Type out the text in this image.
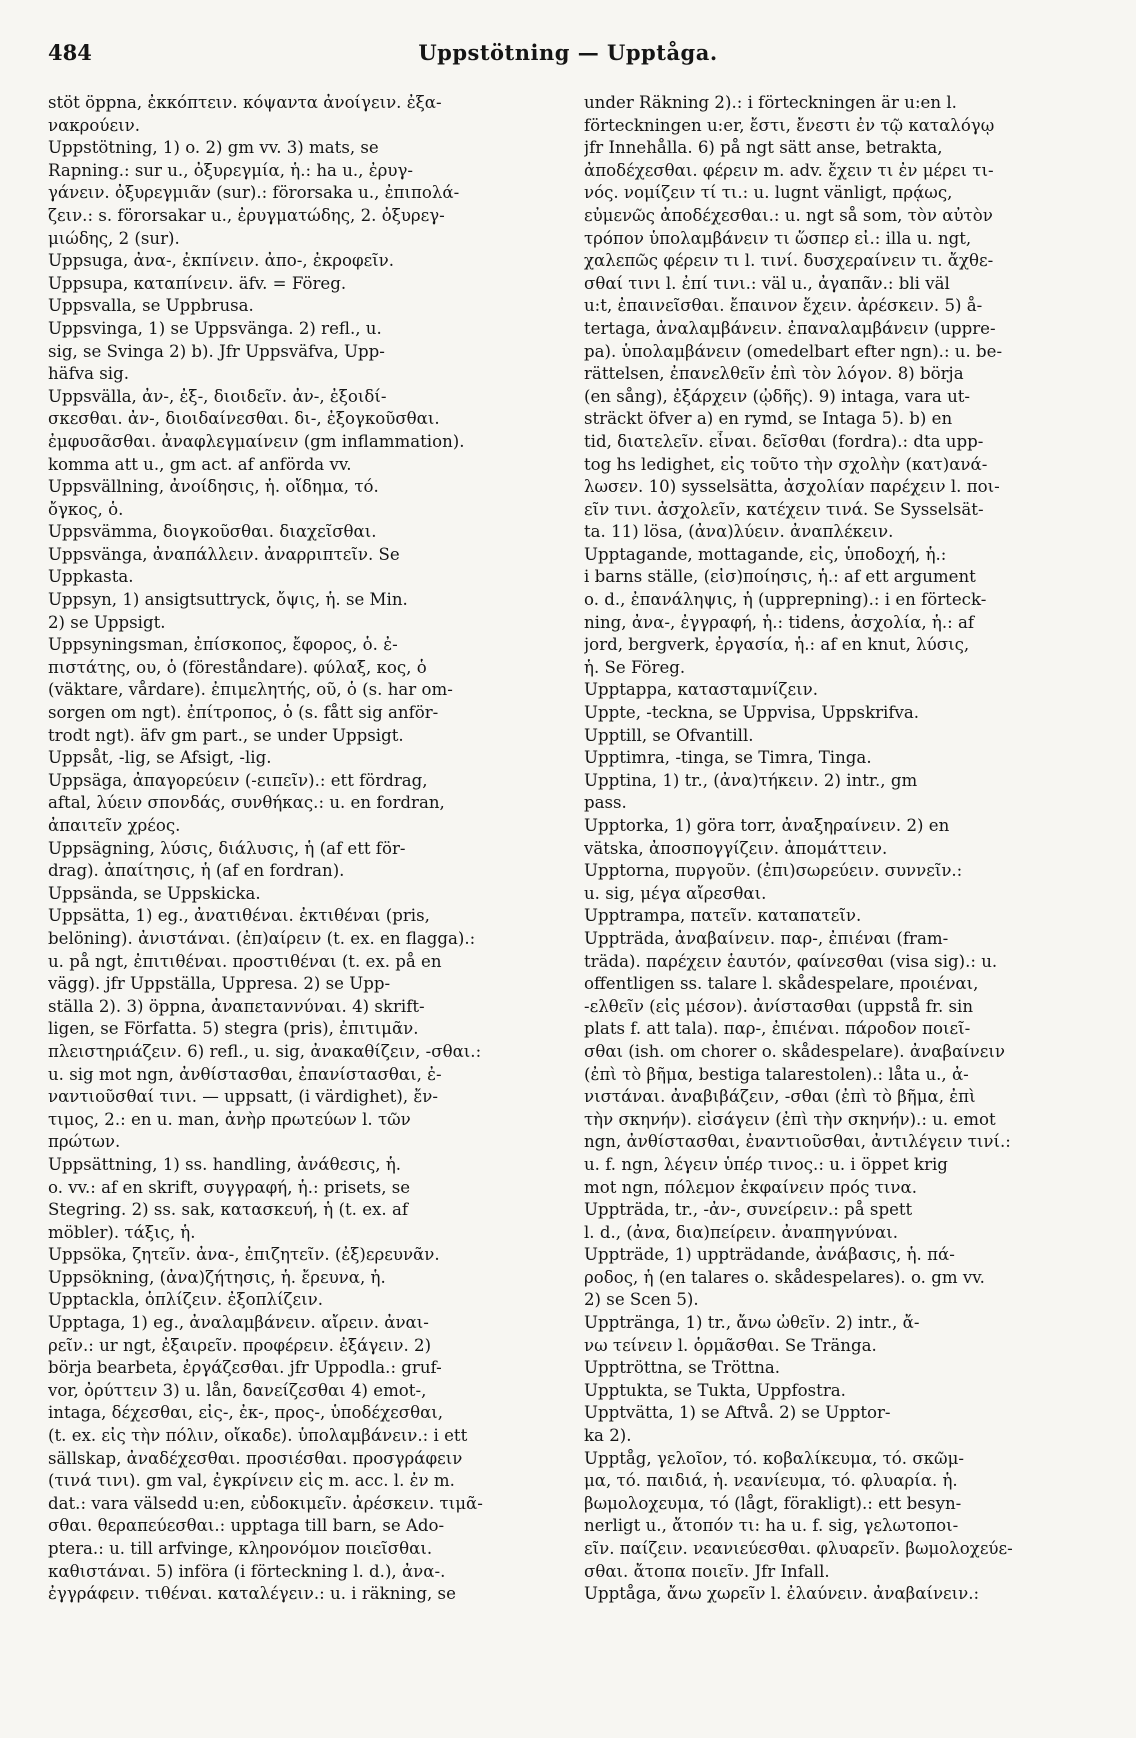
484	Uppstötning — Upptåga.
stöt öppna, ἐκκόπτειν. κόψαντα ἀνοίγειν. ἐξα-
νακρούειν.
Uppstötning, 1) o. 2) gm vv. 3) mats, se
Rapning.: sur u., ὀξυρεγμία, ἡ.: ha u., ἐρυγ-
γάνειν. ὀξυρεγμιᾶν (sur).: förorsaka u., ἐπιπολά-
ζειν.: s. förorsakar u., ἐρυγματώδης, 2. ὀξυρεγ-
μιώδης, 2 (sur).
Uppsuga, ἀνα-, ἐκπίνειν. ἀπο-, ἐκροφεῖν.
Uppsupa, καταπίνειν. äfv. = Föreg.
Uppsvalla, se Uppbrusa.
Uppsvinga, 1) se Uppsvänga. 2) refl., u.
sig, se Svinga 2) b). Jfr Uppsväfva, Upp-
häfva sig.
Uppsvälla, ἀν-, ἐξ-, διοιδεῖν. ἀν-, ἐξοιδί-
σκεσθαι. ἀν-, διοιδαίνεσθαι. δι-, ἐξογκοῦσθαι.
ἐμφυσᾶσθαι. ἀναφλεγμαίνειν (gm inflammation).
komma att u., gm act. af anförda vv.
Uppsvällning, ἀνοίδησις, ἡ. οἴδημα, τό.
ὄγκος, ὁ.
Uppsvämma, διογκοῦσθαι. διαχεῖσθαι.
Uppsvänga, ἀναπάλλειν. ἀναρριπτεῖν. Se
Uppkasta.
Uppsyn, 1) ansigtsuttryck, ὄψις, ἡ. se Min.
2) se Uppsigt.
Uppsyningsman, ἐπίσκοπος, ἔφορος, ὁ. ἐ-
πιστάτης, ου, ὁ (föreståndare). φύλαξ, κος, ὁ
(väktare, vårdare). ἐπιμελητής, οῦ, ὁ (s. har om-
sorgen om ngt). ἐπίτροπος, ὁ (s. fått sig anför-
trodt ngt). äfv gm part., se under Uppsigt.
Uppsåt, -lig, se Afsigt, -lig.
Uppsäga, ἀπαγορεύειν (-ειπεῖν).: ett fördrag,
aftal, λύειν σπονδάς, συνθήκας.: u. en fordran,
ἀπαιτεῖν χρέος.
Uppsägning, λύσις, διάλυσις, ἡ (af ett för-
drag). ἀπαίτησις, ἡ (af en fordran).
Uppsända, se Uppskicka.
Uppsätta, 1) eg., ἀνατιθέναι. ἐκτιθέναι (pris,
belöning). ἀνιστάναι. (ἐπ)αίρειν (t. ex. en flagga).:
u. på ngt, ἐπιτιθέναι. προστιθέναι (t. ex. på en
vägg). jfr Uppställa, Uppresa. 2) se Upp-
ställa 2). 3) öppna, ἀναπεταννύναι. 4) skrift-
ligen, se Författa. 5) stegra (pris), ἐπιτιμᾶν.
πλειστηριάζειν. 6) refl., u. sig, ἀνακαθίζειν, -σθαι.:
u. sig mot ngn, ἀνθίστασθαι, ἐπανίστασθαι, ἐ-
ναντιοῦσθαί τινι. — uppsatt, (i värdighet), ἔν-
τιμος, 2.: en u. man, ἀνὴρ πρωτεύων l. τῶν
πρώτων.
Uppsättning, 1) ss. handling, ἀνάθεσις, ἡ.
o. vv.: af en skrift, συγγραφή, ἡ.: prisets, se
Stegring. 2) ss. sak, κατασκευή, ἡ (t. ex. af
möbler). τάξις, ἡ.
Uppsöka, ζητεῖν. ἀνα-, ἐπιζητεῖν. (ἐξ)ερευνᾶν.
Uppsökning, (ἀνα)ζήτησις, ἡ. ἔρευνα, ἡ.
Upptackla, ὁπλίζειν. ἐξοπλίζειν.
Upptaga, 1) eg., ἀναλαμβάνειν. αἴρειν. ἀναι-
ρεῖν.: ur ngt, ἐξαιρεῖν. προφέρειν. ἐξάγειν. 2)
börja bearbeta, ἐργάζεσθαι. jfr Uppodla.: gruf-
vor, ὀρύττειν 3) u. lån, δανείζεσθαι 4) emot-,
intaga, δέχεσθαι, εἰς-, ἐκ-, προς-, ὑποδέχεσθαι,
(t. ex. εἰς τὴν πόλιν, οἴκαδε). ὑπολαμβάνειν.: i ett
sällskap, ἀναδέχεσθαι. προσιέσθαι. προσγράφειν
(τινά τινι). gm val, ἐγκρίνειν εἰς m. acc. l. ἐν m.
dat.: vara välsedd u:en, εὐδοκιμεῖν. ἀρέσκειν. τιμᾶ-
σθαι. θεραπεύεσθαι.: upptaga till barn, se Ado-
ptera.: u. till arfvinge, κληρονόμον ποιεῖσθαι.
καθιστάναι. 5) införa (i förteckning l. d.), ἀνα-.
ἐγγράφειν. τιθέναι. καταλέγειν.: u. i räkning, se
under Räkning 2).: i förteckningen är u:en l.
förteckningen u:er, ἔστι, ἔνεστι ἐν τῷ καταλόγῳ
jfr Innehålla. 6) på ngt sätt anse, betrakta,
ἀποδέχεσθαι. φέρειν m. adv. ἔχειν τι ἐν μέρει τι-
νός. νομίζειν τί τι.: u. lugnt vänligt, πρᾴως,
εὐμενῶς ἀποδέχεσθαι.: u. ngt så som, τὸν αὐτὸν
τρόπον ὑπολαμβάνειν τι ὥσπερ εἰ.: illa u. ngt,
χαλεπῶς φέρειν τι l. τινί. δυσχεραίνειν τι. ἄχθε-
σθαί τινι l. ἐπί τινι.: väl u., ἀγαπᾶν.: bli väl
u:t, ἐπαινεῖσθαι. ἔπαινον ἔχειν. ἀρέσκειν. 5) å-
tertaga, ἀναλαμβάνειν. ἐπαναλαμβάνειν (uppre-
pa). ὑπολαμβάνειν (omedelbart efter ngn).: u. be-
rättelsen, ἐπανελθεῖν ἐπὶ τὸν λόγον. 8) börja
(en sång), ἐξάρχειν (ᾠδῆς). 9) intaga, vara ut-
sträckt öfver a) en rymd, se Intaga 5). b) en
tid, διατελεῖν. εἶναι. δεῖσθαι (fordra).: dta upp-
tog hs ledighet, εἰς τοῦτο τὴν σχολὴν (κατ)ανά-
λωσεν. 10) sysselsätta, ἀσχολίαν παρέχειν l. ποι-
εῖν τινι. ἀσχολεῖν, κατέχειν τινά. Se Sysselsät-
ta. 11) lösa, (ἀνα)λύειν. ἀναπλέκειν.
Upptagande, mottagande, εἰς, ὑποδοχή, ἡ.:
i barns ställe, (εἰσ)ποίησις, ἡ.: af ett argument
o. d., ἐπανάληψις, ἡ (upprepning).: i en förteck-
ning, ἀνα-, ἐγγραφή, ἡ.: tidens, ἀσχολία, ἡ.: af
jord, bergverk, ἐργασία, ἡ.: af en knut, λύσις,
ἡ. Se Föreg.
Upptappa, κατασταμνίζειν.
Uppte, -teckna, se Uppvisa, Uppskrifva.
Upptill, se Ofvantill.
Upptimra, -tinga, se Timra, Tinga.
Upptina, 1) tr., (ἀνα)τήκειν. 2) intr., gm
pass.
Upptorka, 1) göra torr, ἀναξηραίνειν. 2) en
vätska, ἀποσπογγίζειν. ἀπομάττειν.
Upptorna, πυργοῦν. (ἐπι)σωρεύειν. συννεῖν.:
u. sig, μέγα αἴρεσθαι.
Upptrampa, πατεῖν. καταπατεῖν.
Uppträda, ἀναβαίνειν. παρ-, ἐπιέναι (fram-
träda). παρέχειν ἑαυτόν, φαίνεσθαι (visa sig).: u.
offentligen ss. talare l. skådespelare, προιέναι,
-ελθεῖν (εἰς μέσον). ἀνίστασθαι (uppstå fr. sin
plats f. att tala). παρ-, ἐπιέναι. πάροδον ποιεῖ-
σθαι (ish. om chorer o. skådespelare). ἀναβαίνειν
(ἐπὶ τὸ βῆμα, bestiga talarestolen).: låta u., ἀ-
νιστάναι. ἀναβιβάζειν, -σθαι (ἐπὶ τὸ βῆμα, ἐπὶ
τὴν σκηνήν). εἰσάγειν (ἐπὶ τὴν σκηνήν).: u. emot
ngn, ἀνθίστασθαι, ἐναντιοῦσθαι, ἀντιλέγειν τινί.:
u. f. ngn, λέγειν ὑπέρ τινος.: u. i öppet krig
mot ngn, πόλεμον ἐκφαίνειν πρός τινα.
Uppträda, tr., -ἀν-, συνείρειν.: på spett
l. d., (ἀνα, δια)πείρειν. ἀναπηγνύναι.
Uppträde, 1) uppträdande, ἀνάβασις, ἡ. πά-
ροδος, ἡ (en talares o. skådespelares). o. gm vv.
2) se Scen 5).
Uppträngа, 1) tr., ἄνω ὠθεῖν. 2) intr., ἄ-
νω τείνειν l. ὁρμᾶσθαι. Se Tränga.
Upptröttna, se Tröttna.
Upptukta, se Tukta, Uppfostra.
Upptvätta, 1) se Aftvå. 2) se Upptor-
ka 2).
Upptåg, γελοῖον, τό. κοβαλίκευμα, τό. σκῶμ-
μα, τό. παιδιά, ἡ. νεανίευμα, τό. φλυαρία. ἡ.
βωμολοχευμα, τό (lågt, förakligt).: ett besyn-
nerligt u., ἄτοπόν τι: ha u. f. sig, γελωτοποι-
εῖν. παίζειν. νεανιεύεσθαι. φλυαρεῖν. βωμολοχεύε-
σθαι. ἄτοπα ποιεῖν. Jfr Infall.
Upptåga, ἄνω χωρεῖν l. ἐλαύνειν. ἀναβαίνειν.:
